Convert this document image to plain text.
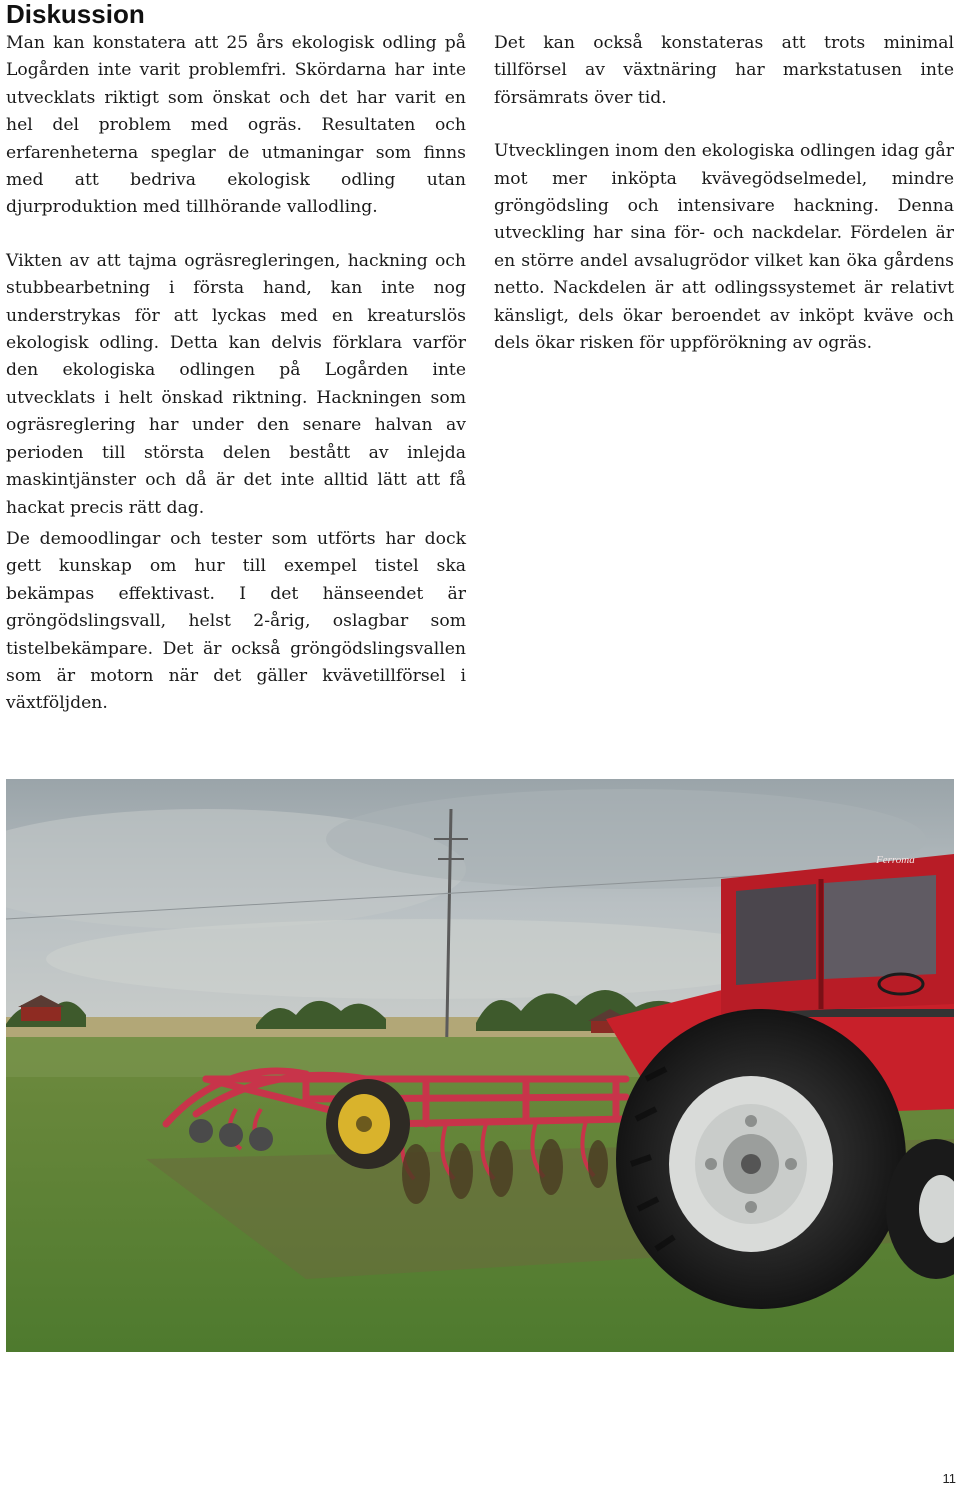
Diskussion

Man kan konstatera att 25 års ekologisk odling på Logården inte varit problemfri. Skördarna har inte utvecklats riktigt som önskat och det har varit en hel del problem med ogräs. Resultaten och erfarenheterna speglar de utmaningar som finns med att bedriva ekologisk odling utan djurproduktion med tillhörande vallodling.

Vikten av att tajma ogräsregleringen, hackning och stubbearbetning i första hand, kan inte nog understrykas för att lyckas med en kreaturslös ekologisk odling. Detta kan delvis förklara varför den ekologiska odlingen på Logården inte utvecklats i helt önskad riktning. Hackningen som ogräsreglering har under den senare halvan av perioden till största delen bestått av inlejda maskintjänster och då är det inte alltid lätt att få hackat precis rätt dag.

De demoodlingar och tester som utförts har dock gett kunskap om hur till exempel tistel ska bekämpas effektivast. I det hänseendet är gröngödslingsvall, helst 2-årig, oslagbar som tistelbekämpare. Det är också gröngödslingsvallen som är motorn när det gäller kvävetillförsel i växtföljden.

Det kan också konstateras att trots minimal tillförsel av växtnäring har markstatusen inte försämrats över tid.

Utvecklingen inom den ekologiska odlingen idag går mot mer inköpta kvävegödselmedel, mindre gröngödsling och intensivare hackning. Denna utveckling har sina för- och nackdelar. Fördelen är en större andel avsalugrödor vilket kan öka gårdens netto. Nackdelen är att odlingssystemet är relativt känsligt, dels ökar beroendet av inköpt kväve och dels ökar risken för uppförökning av ogräs.

Ferroma
11
